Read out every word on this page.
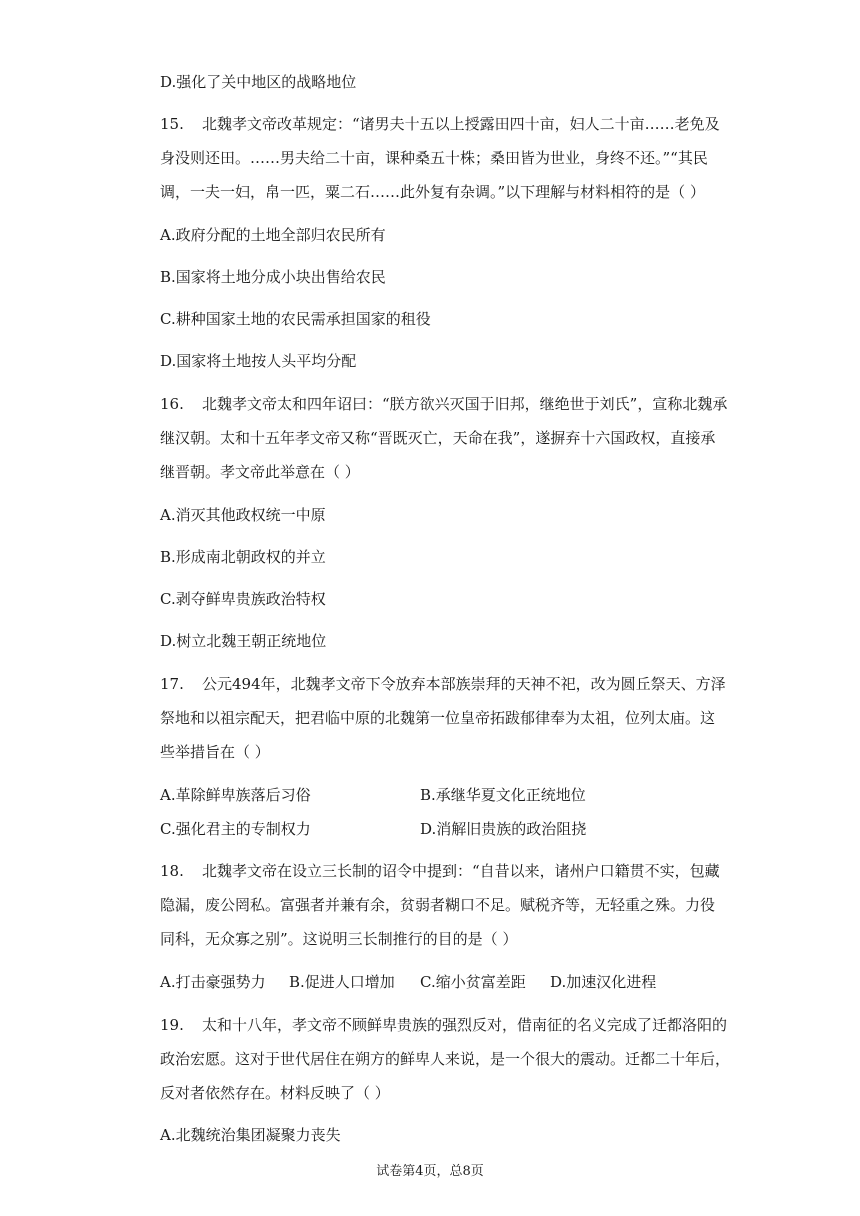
D.强化了关中地区的战略地位
15. 北魏孝文帝改革规定：“诸男夫十五以上授露田四十亩，妇人二十亩……老免及
身没则还田。……男夫给二十亩，课种桑五十株；桑田皆为世业，身终不还。”“其民
调，一夫一妇，帛一匹，粟二石……此外复有杂调。”以下理解与材料相符的是（ ）
A.政府分配的土地全部归农民所有
B.国家将土地分成小块出售给农民
C.耕种国家土地的农民需承担国家的租役
D.国家将土地按人头平均分配
16. 北魏孝文帝太和四年诏曰：“朕方欲兴灭国于旧邦，继绝世于刘氏”，宣称北魏承
继汉朝。太和十五年孝文帝又称“晋既灭亡，天命在我”，遂摒弃十六国政权，直接承
继晋朝。孝文帝此举意在（ ）
A.消灭其他政权统一中原
B.形成南北朝政权的并立
C.剥夺鲜卑贵族政治特权
D.树立北魏王朝正统地位
17. 公元494年，北魏孝文帝下令放弃本部族崇拜的天神不祀，改为圆丘祭天、方泽
祭地和以祖宗配天，把君临中原的北魏第一位皇帝拓跋郁律奉为太祖，位列太庙。这
些举措旨在（ ）
A.革除鲜卑族落后习俗	B.承继华夏文化正统地位
C.强化君主的专制权力	D.消解旧贵族的政治阻挠
18. 北魏孝文帝在设立三长制的诏令中提到：“自昔以来，诸州户口籍贯不实，包藏
隐漏，废公罔私。富强者并兼有余，贫弱者糊口不足。赋税齐等，无轻重之殊。力役
同科，无众寡之别”。这说明三长制推行的目的是（ ）
A.打击豪强势力 B.促进人口增加 C.缩小贫富差距 D.加速汉化进程
19. 太和十八年，孝文帝不顾鲜卑贵族的强烈反对，借南征的名义完成了迁都洛阳的
政治宏愿。这对于世代居住在朔方的鲜卑人来说，是一个很大的震动。迁都二十年后，
反对者依然存在。材料反映了（ ）
A.北魏统治集团凝聚力丧失
试卷第4页，总8页
